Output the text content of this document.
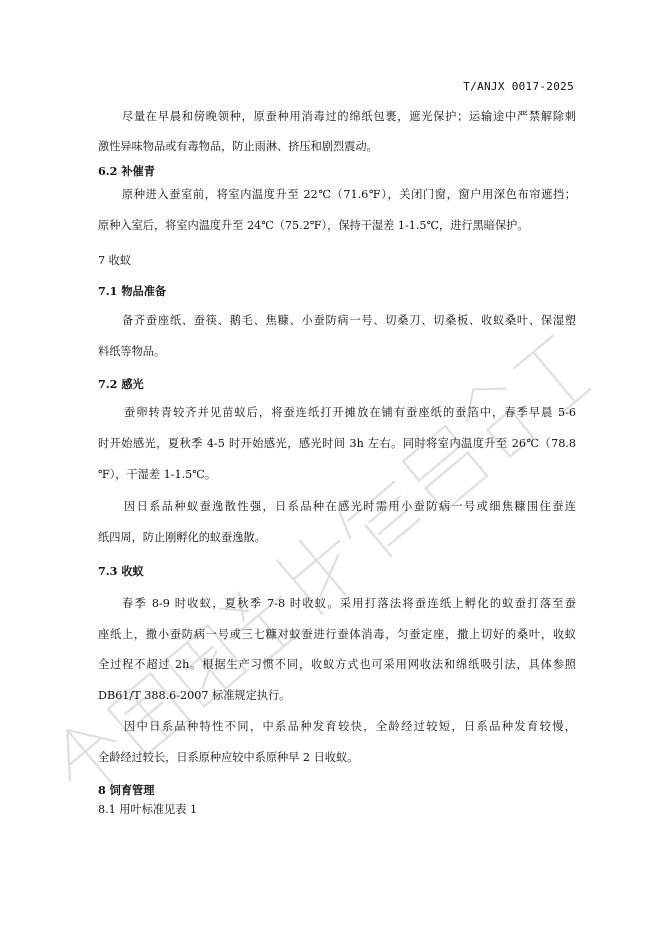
T/ANJX 0017-2025
尽量在早晨和傍晚领种，原蚕种用消毒过的绵纸包裹，遮光保护；运输途中严禁解除刺
激性异味物品或有毒物品，防止雨淋、挤压和剧烈震动。
6.2 补催青
原种进入蚕室前，将室内温度升至 22℃（71.6℉），关闭门窗，窗户用深色布帘遮挡；
原种入室后，将室内温度升至 24℃（75.2℉），保持干湿差 1-1.5℃，进行黑暗保护。
7 收蚁
7.1 物品准备
备齐蚕座纸、蚕筷、鹅毛、焦糠、小蚕防病一号、切桑刀、切桑板、收蚁桑叶、保湿塑
料纸等物品。
7.2 感光
蚕卵转青较齐并见苗蚁后，将蚕连纸打开摊放在铺有蚕座纸的蚕箔中，春季早晨 5-6
时开始感光，夏秋季 4-5 时开始感光，感光时间 3h 左右。同时将室内温度升至 26℃（78.8
℉），干湿差 1-1.5℃。
因日系品种蚁蚕逸散性强，日系品种在感光时需用小蚕防病一号或细焦糠围住蚕连
纸四周，防止刚孵化的蚁蚕逸散。
7.3 收蚁
春季 8-9 时收蚁，夏秋季 7-8 时收蚁。采用打落法将蚕连纸上孵化的蚁蚕打落至蚕
座纸上，撒小蚕防病一号或三七糠对蚁蚕进行蚕体消毒，匀蚕定座，撒上切好的桑叶，收蚁
全过程不超过 2h。根据生产习惯不同，收蚁方式也可采用网收法和绵纸吸引法，具体参照
DB61/T 388.6-2007 标准规定执行。
因中日系品种特性不同，中系品种发育较快，全龄经过较短，日系品种发育较慢，
全龄经过较长，日系原种应较中系原种早 2 日收蚁。
8 饲育管理
8.1 用叶标准见表 1
